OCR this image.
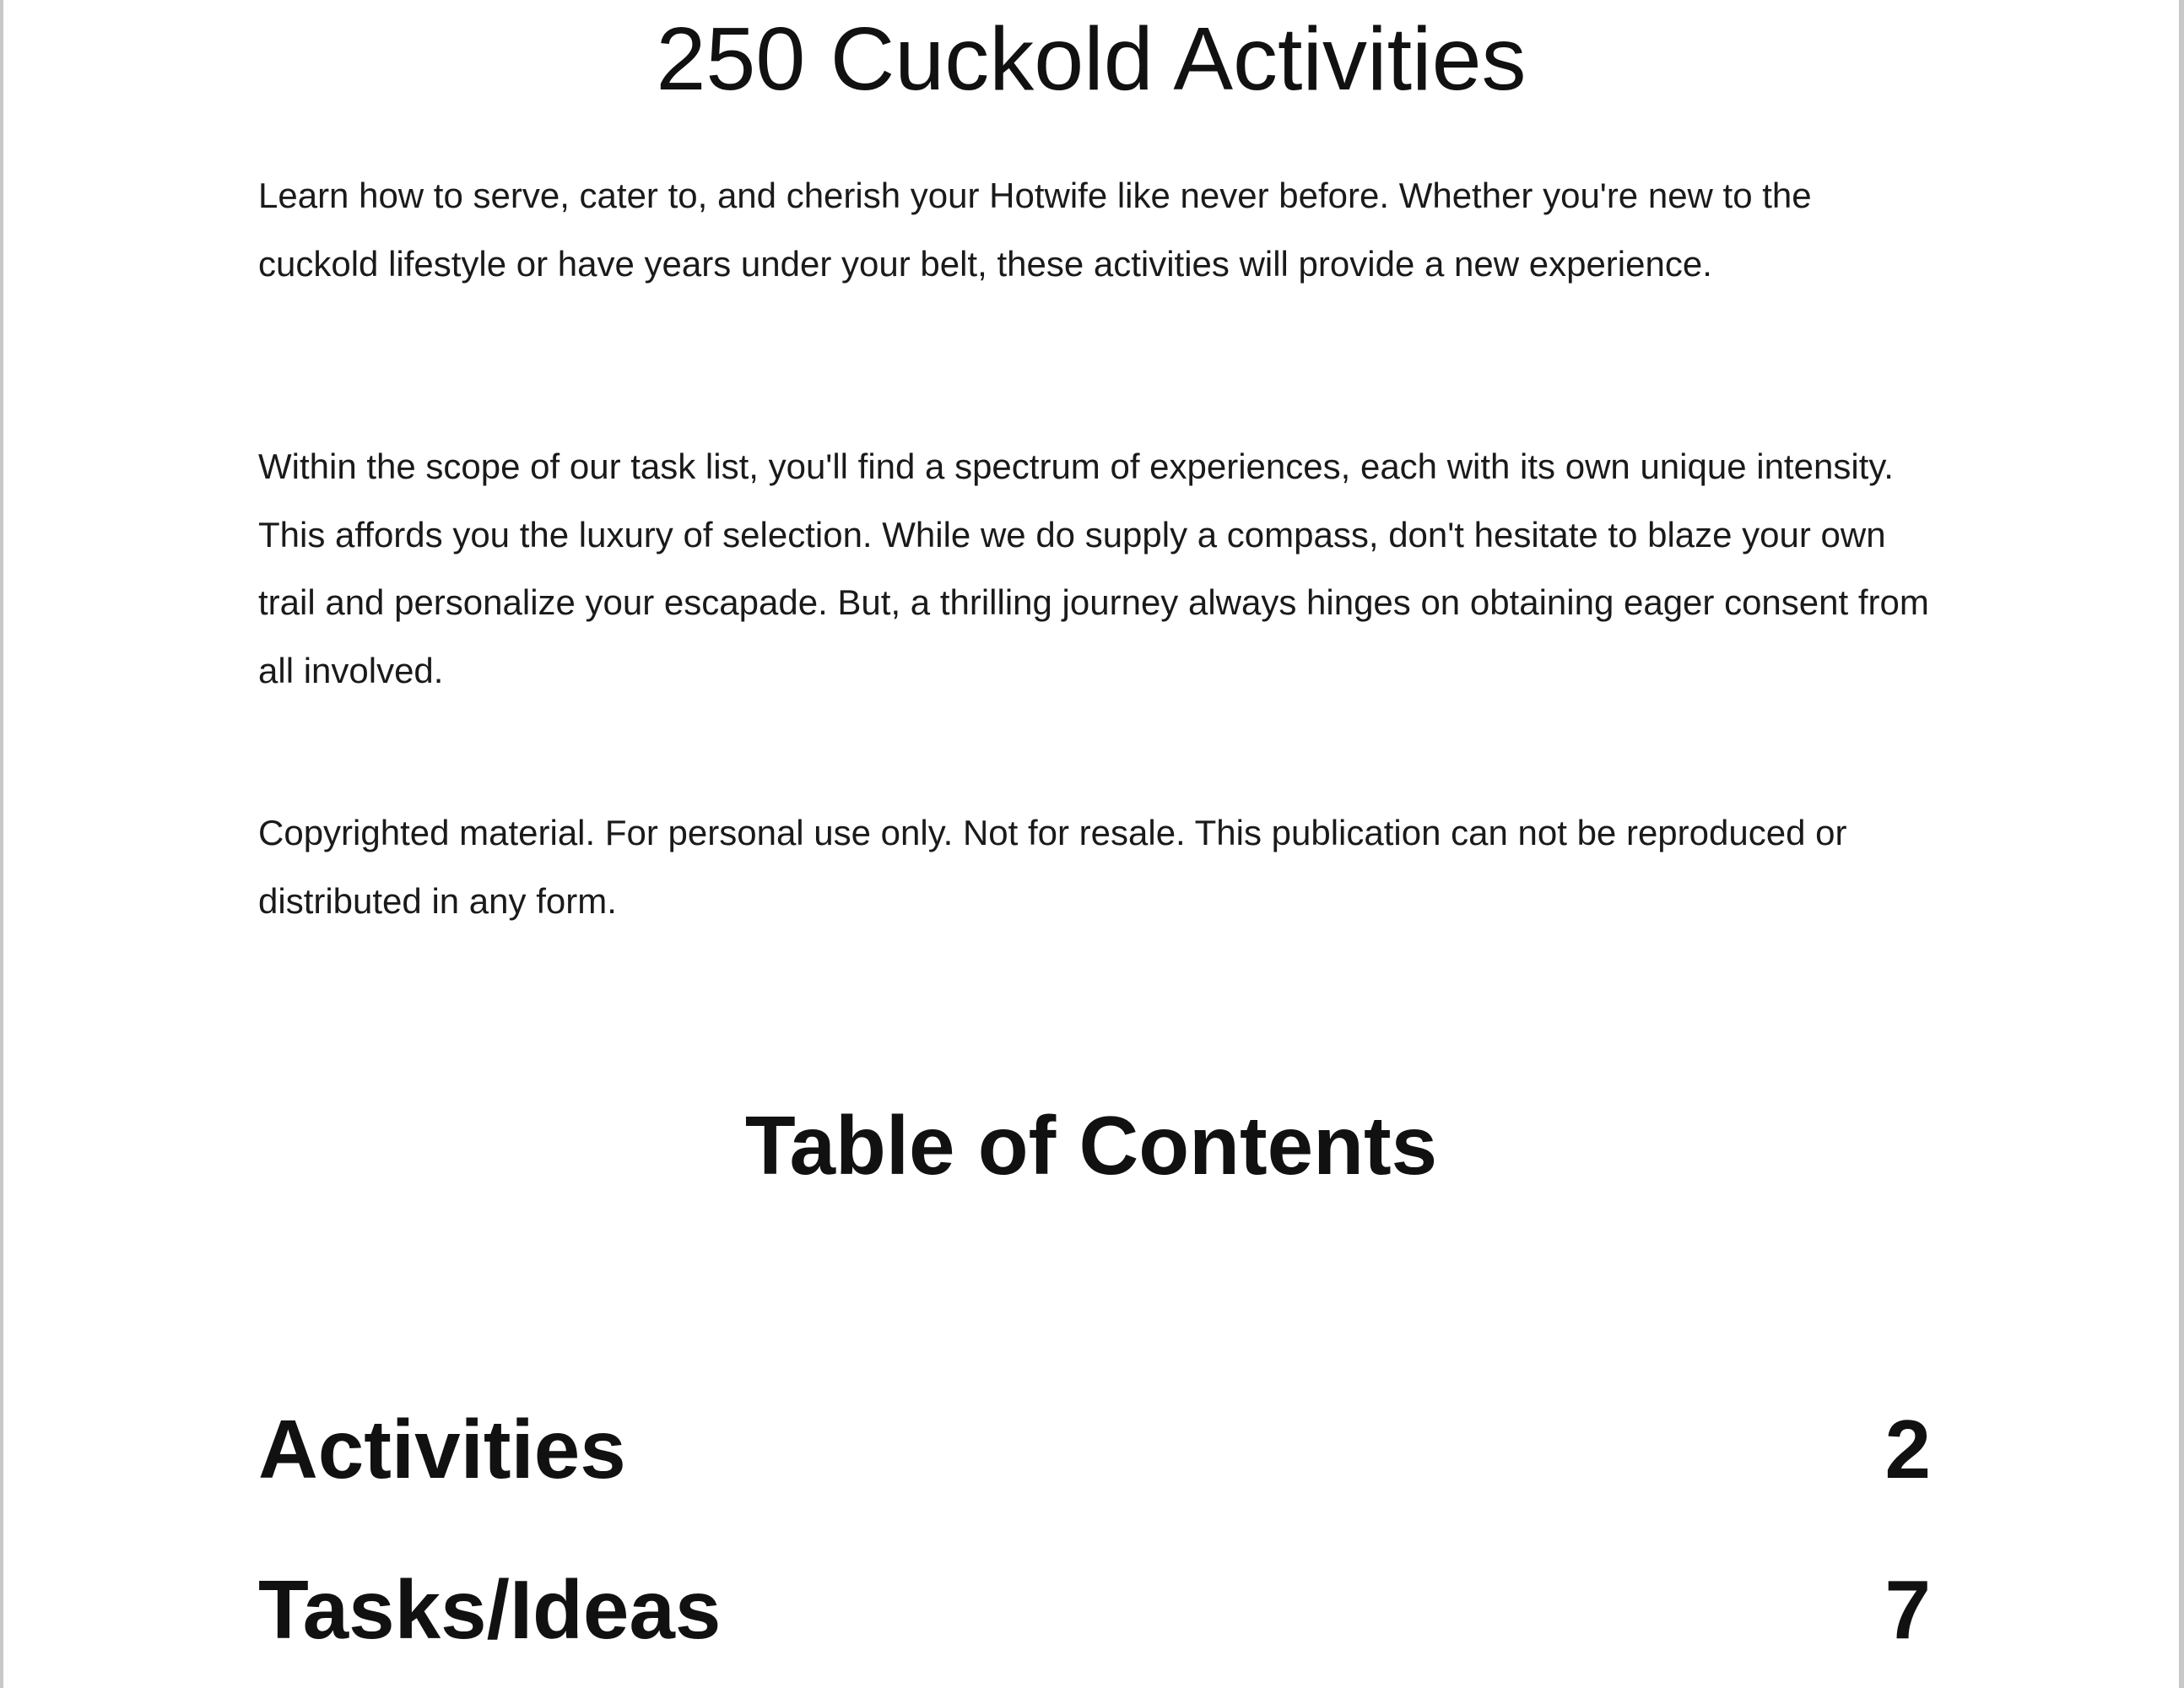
250 Cuckold Activities

Learn how to serve, cater to, and cherish your Hotwife like never before. Whether you're new to the cuckold lifestyle or have years under your belt, these activities will provide a new experience.

Within the scope of our task list, you'll find a spectrum of experiences, each with its own unique intensity. This affords you the luxury of selection. While we do supply a compass, don't hesitate to blaze your own trail and personalize your escapade. But, a thrilling journey always hinges on obtaining eager consent from all involved.

Copyrighted material. For personal use only. Not for resale. This publication can not be reproduced or distributed in any form.

Table of Contents
Activities	2
Tasks/Ideas	7
